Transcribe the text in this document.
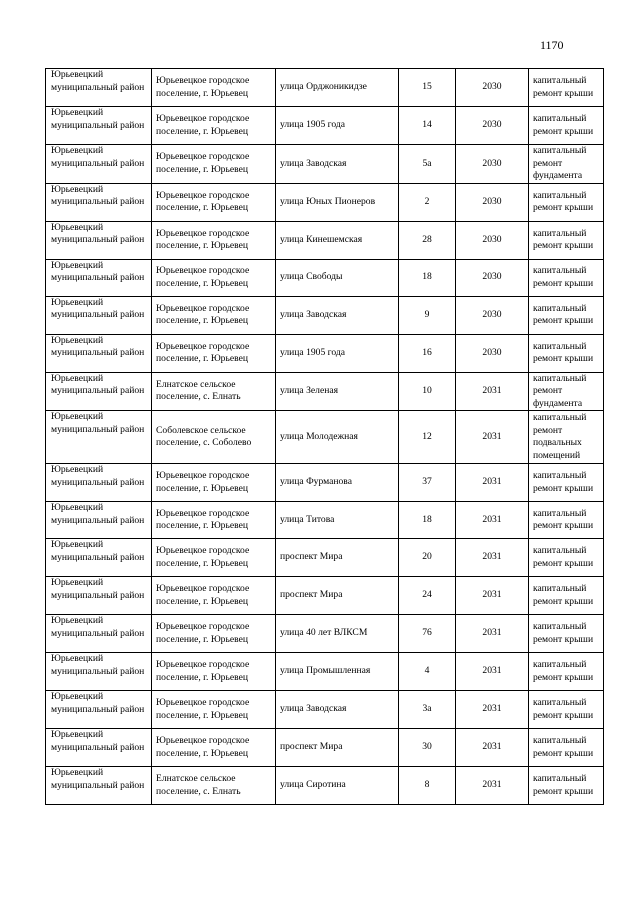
1170
Юрьевецкий муниципальный район	Юрьевецкое городское поселение, г. Юрьевец	улица Орджоникидзе	15	2030	капитальный ремонт крыши
Юрьевецкий муниципальный район	Юрьевецкое городское поселение, г. Юрьевец	улица 1905 года	14	2030	капитальный ремонт крыши
Юрьевецкий муниципальный район	Юрьевецкое городское поселение, г. Юрьевец	улица Заводская	5а	2030	капитальный ремонт фундамента
Юрьевецкий муниципальный район	Юрьевецкое городское поселение, г. Юрьевец	улица Юных Пионеров	2	2030	капитальный ремонт крыши
Юрьевецкий муниципальный район	Юрьевецкое городское поселение, г. Юрьевец	улица Кинешемская	28	2030	капитальный ремонт крыши
Юрьевецкий муниципальный район	Юрьевецкое городское поселение, г. Юрьевец	улица Свободы	18	2030	капитальный ремонт крыши
Юрьевецкий муниципальный район	Юрьевецкое городское поселение, г. Юрьевец	улица Заводская	9	2030	капитальный ремонт крыши
Юрьевецкий муниципальный район	Юрьевецкое городское поселение, г. Юрьевец	улица 1905 года	16	2030	капитальный ремонт крыши
Юрьевецкий муниципальный район	Елнатское сельское поселение, с. Елнать	улица Зеленая	10	2031	капитальный ремонт фундамента
Юрьевецкий муниципальный район	Соболевское сельское поселение, с. Соболево	улица Молодежная	12	2031	капитальный ремонт подвальных помещений
Юрьевецкий муниципальный район	Юрьевецкое городское поселение, г. Юрьевец	улица Фурманова	37	2031	капитальный ремонт крыши
Юрьевецкий муниципальный район	Юрьевецкое городское поселение, г. Юрьевец	улица Титова	18	2031	капитальный ремонт крыши
Юрьевецкий муниципальный район	Юрьевецкое городское поселение, г. Юрьевец	проспект Мира	20	2031	капитальный ремонт крыши
Юрьевецкий муниципальный район	Юрьевецкое городское поселение, г. Юрьевец	проспект Мира	24	2031	капитальный ремонт крыши
Юрьевецкий муниципальный район	Юрьевецкое городское поселение, г. Юрьевец	улица 40 лет ВЛКСМ	76	2031	капитальный ремонт крыши
Юрьевецкий муниципальный район	Юрьевецкое городское поселение, г. Юрьевец	улица Промышленная	4	2031	капитальный ремонт крыши
Юрьевецкий муниципальный район	Юрьевецкое городское поселение, г. Юрьевец	улица Заводская	3а	2031	капитальный ремонт крыши
Юрьевецкий муниципальный район	Юрьевецкое городское поселение, г. Юрьевец	проспект Мира	30	2031	капитальный ремонт крыши
Юрьевецкий муниципальный район	Елнатское сельское поселение, с. Елнать	улица Сиротина	8	2031	капитальный ремонт крыши
